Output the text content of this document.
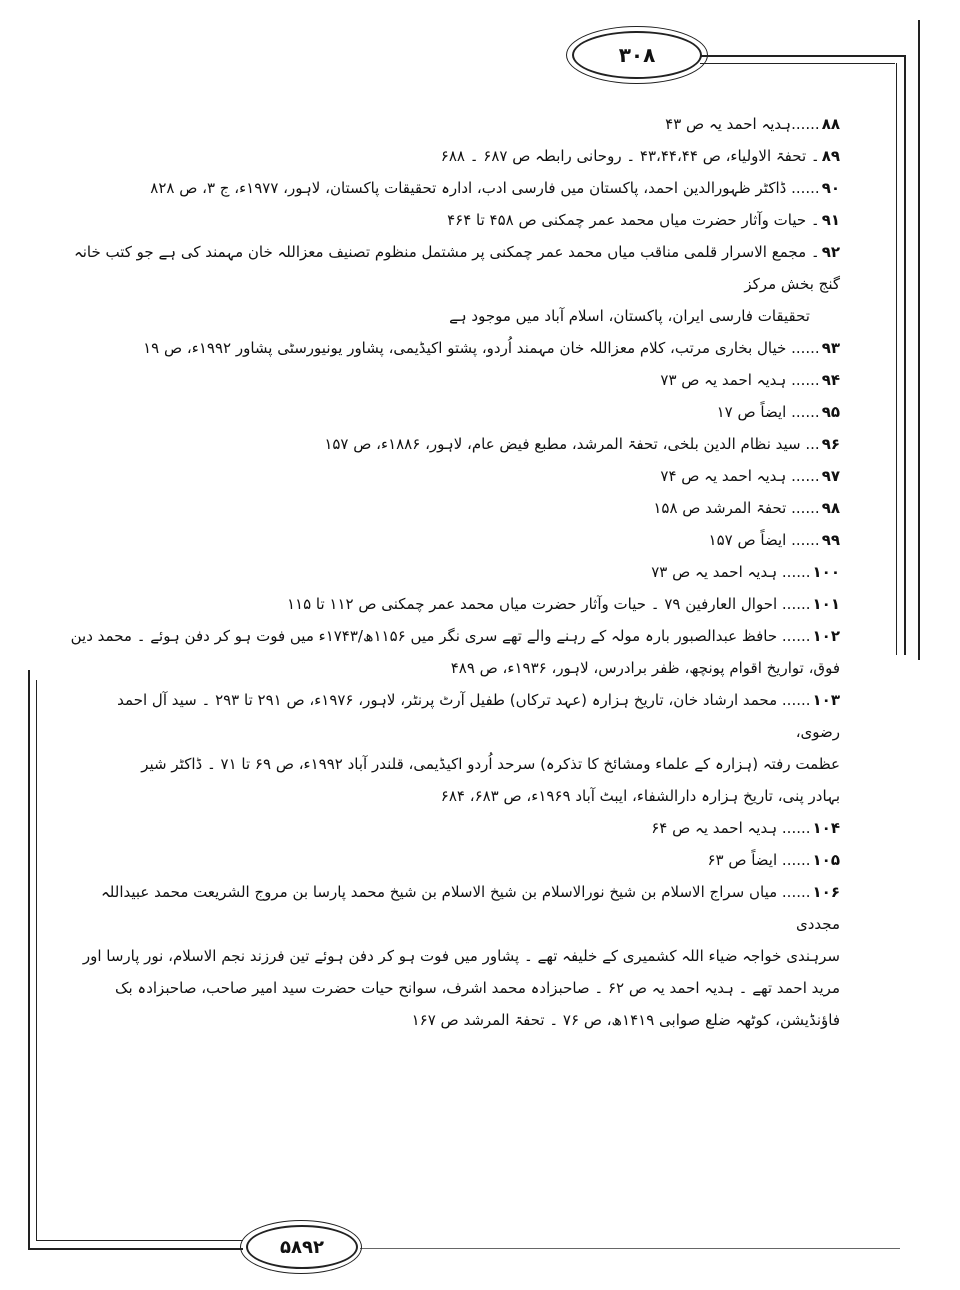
۳۰۸
۵۸۹۲

۸۸......ہدیہ احمد یہ ص ۴۳

۸۹۔ تحفۃ الاولیاء، ص ۴۳،۴۴،۴۴ ۔ روحانی رابطہ ص ۶۸۷ ۔ ۶۸۸

۹۰...... ڈاکٹر ظہورالدین احمد، پاکستان میں فارسی ادب، ادارہ تحقیقات پاکستان، لاہور، ۱۹۷۷ء، ج ۳، ص ۸۲۸

۹۱۔ حیات وآثار حضرت میاں محمد عمر چمکنی ص ۴۵۸ تا ۴۶۴

۹۲۔ مجمع الاسرار قلمی مناقب میاں محمد عمر چمکنی پر مشتمل منظوم تصنیف معزاللہ خان مہمند کی ہے جو کتب خانہ گنج بخش مرکز
تحقیقات فارسی ایران، پاکستان، اسلام آباد میں موجود ہے

۹۳...... خیال بخاری مرتب، کلام معزاللہ خان مہمند اُردو، پشتو اکیڈیمی، پشاور یونیورسٹی پشاور ۱۹۹۲ء، ص ۱۹

۹۴...... ہدیہ احمد یہ ص ۷۳

۹۵...... ایضاً ص ۱۷

۹۶... سید نظام الدین بلخی، تحفۃ المرشد، مطبع فیض عام، لاہور، ۱۸۸۶ء، ص ۱۵۷

۹۷...... ہدیہ احمد یہ ص ۷۴

۹۸...... تحفۃ المرشد ص ۱۵۸

۹۹...... ایضاً ص ۱۵۷

۱۰۰...... ہدیہ احمد یہ ص ۷۳

۱۰۱...... احوال العارفین ۷۹ ۔ حیات وآثار حضرت میاں محمد عمر چمکنی ص ۱۱۲ تا ۱۱۵

۱۰۲...... حافظ عبدالصبور بارہ مولہ کے رہنے والے تھے سری نگر میں ۱۱۵۶ھ/۱۷۴۳ء میں فوت ہو کر دفن ہوئے ۔ محمد دین
فوق، تواریخ اقوام پونچھ، ظفر برادرس، لاہور، ۱۹۳۶ء، ص ۴۸۹

۱۰۳...... محمد ارشاد خان، تاریخ ہزارہ (عہد ترکاں) طفیل آرٹ پرنٹر، لاہور، ۱۹۷۶ء، ص ۲۹۱ تا ۲۹۳ ۔ سید آل احمد رضوی،
عظمت رفتہ (ہزارہ کے علماء ومشائخ کا تذکرہ) سرحد اُردو اکیڈیمی، قلندر آباد ۱۹۹۲ء، ص ۶۹ تا ۷۱ ۔ ڈاکٹر شیر
بہادر پنی، تاریخ ہزارہ دارالشفاء، ایبٹ آباد ۱۹۶۹ء، ص ۶۸۳، ۶۸۴

۱۰۴...... ہدیہ احمد یہ ص ۶۴

۱۰۵...... ایضاً ص ۶۳

۱۰۶...... میاں سراج الاسلام بن شیخ نورالاسلام بن شیخ الاسلام بن شیخ محمد پارسا بن مروج الشریعت محمد عبیداللہ مجددی
سرہندی خواجہ ضیاء اللہ کشمیری کے خلیفہ تھے ۔ پشاور میں فوت ہو کر دفن ہوئے تین فرزند نجم الاسلام، نور پارسا اور
مرید احمد تھے ۔ ہدیہ احمد یہ ص ۶۲ ۔ صاحبزادہ محمد اشرف، سوانح حیات حضرت سید امیر صاحب، صاحبزادہ بک
فاؤنڈیشن، کوٹھہ ضلع صوابی ۱۴۱۹ھ، ص ۷۶ ۔ تحفۃ المرشد ص ۱۶۷
